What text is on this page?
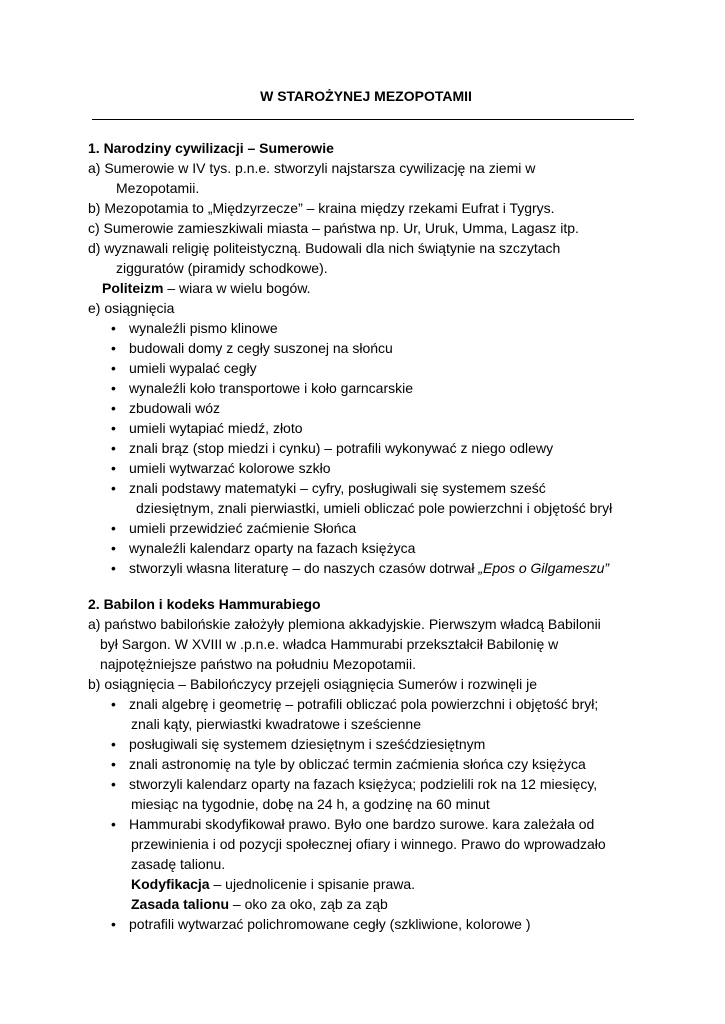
W STAROŻYNEJ MEZOPOTAMII

1. Narodziny cywilizacji – Sumerowie

a) Sumerowie w IV tys. p.n.e. stworzyli najstarsza cywilizację na ziemi w

Mezopotamii.

b) Mezopotamia to „Międzyrzecze” – kraina między rzekami Eufrat i Tygrys.

c) Sumerowie zamieszkiwali miasta – państwa np. Ur, Uruk, Umma, Lagasz itp.

d) wyznawali religię politeistyczną. Budowali dla nich świątynie na szczytach

zigguratów (piramidy schodkowe).

Politeizm – wiara w wielu bogów.

e) osiągnięcia

• wynaleźli pismo klinowe
• budowali domy z cegły suszonej na słońcu
• umieli wypalać cegły
• wynaleźli koło transportowe i koło garncarskie
• zbudowali wóz
• umieli wytapiać miedź, złoto
• znali brąz (stop miedzi i cynku) – potrafili wykonywać z niego odlewy
• umieli wytwarzać kolorowe szkło
• znali podstawy matematyki – cyfry, posługiwali się systemem sześć
dziesiętnym, znali pierwiastki, umieli obliczać pole powierzchni i objętość brył
• umieli przewidzieć zaćmienie Słońca
• wynaleźli kalendarz oparty na fazach księżyca
• stworzyli własna literaturę – do naszych czasów dotrwał „Epos o Gilgameszu”

2. Babilon i kodeks Hammurabiego

a) państwo babilońskie założyły plemiona akkadyjskie. Pierwszym władcą Babilonii

był Sargon. W XVIII w .p.n.e. władca Hammurabi przekształcił Babilonię w

najpotężniejsze państwo na południu Mezopotamii.

b) osiągnięcia – Babilończycy przejęli osiągnięcia Sumerów i rozwinęli je

• znali algebrę i geometrię – potrafili obliczać pola powierzchni i objętość brył;
znali kąty, pierwiastki kwadratowe i sześcienne
• posługiwali się systemem dziesiętnym i sześćdziesiętnym
• znali astronomię na tyle by obliczać termin zaćmienia słońca czy księżyca
• stworzyli kalendarz oparty na fazach księżyca; podzielili rok na 12 miesięcy,
miesiąc na tygodnie, dobę na 24 h, a godzinę na 60 minut
• Hammurabi skodyfikował prawo. Było one bardzo surowe. kara zależała od
przewinienia i od pozycji społecznej ofiary i winnego. Prawo do wprowadzało
zasadę talionu.
Kodyfikacja – ujednolicenie i spisanie prawa.
Zasada talionu – oko za oko, ząb za ząb
• potrafili wytwarzać polichromowane cegły (szkliwione, kolorowe )
